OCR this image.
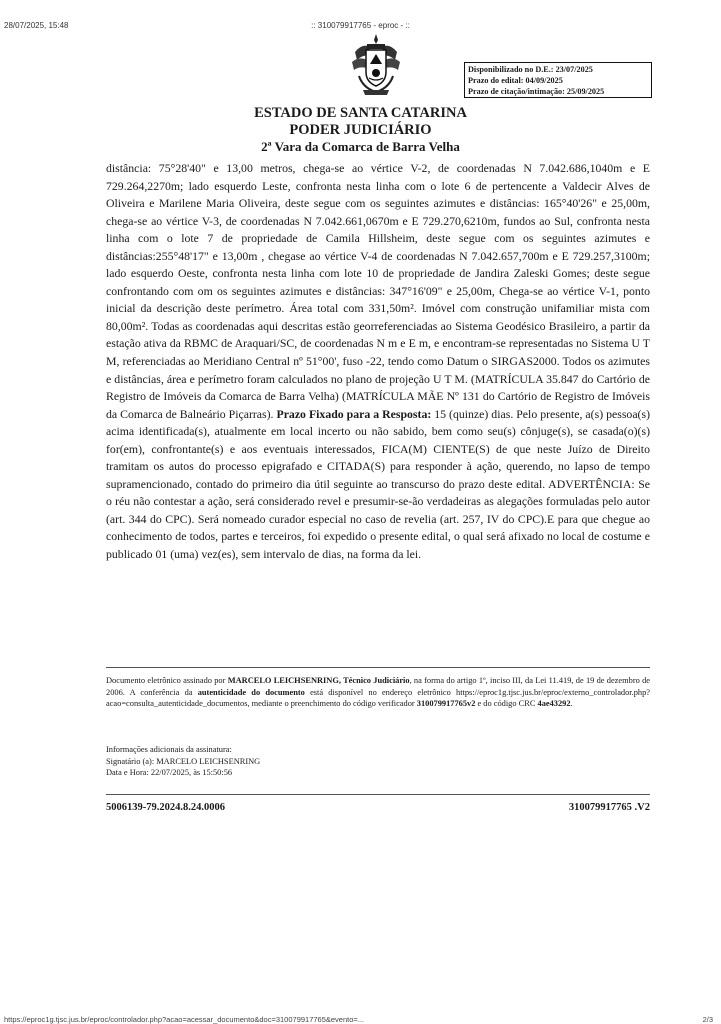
28/07/2025, 15:48	:: 310079917765 - eproc - ::
Disponibilizado no D.E.: 23/07/2025
Prazo do edital: 04/09/2025
Prazo de citação/intimação: 25/09/2025
ESTADO DE SANTA CATARINA
PODER JUDICIÁRIO
2ª Vara da Comarca de Barra Velha

distância: 75°28'40" e 13,00 metros, chega-se ao vértice V-2, de coordenadas N 7.042.686,1040m e E 729.264,2270m; lado esquerdo Leste, confronta nesta linha com o lote 6 de pertencente a Valdecir Alves de Oliveira e Marilene Maria Oliveira, deste segue com os seguintes azimutes e distâncias: 165°40'26" e 25,00m, chega-se ao vértice V-3, de coordenadas N 7.042.661,0670m e E 729.270,6210m, fundos ao Sul, confronta nesta linha com o lote 7 de propriedade de Camila Hillsheim, deste segue com os seguintes azimutes e distâncias:255°48'17" e 13,00m , chegase ao vértice V-4 de coordenadas N 7.042.657,700m e E 729.257,3100m; lado esquerdo Oeste, confronta nesta linha com lote 10 de propriedade de Jandira Zaleski Gomes; deste segue confrontando com om os seguintes azimutes e distâncias: 347°16'09" e 25,00m, Chega-se ao vértice V-1, ponto inicial da descrição deste perímetro. Área total com 331,50m². Imóvel com construção unifamiliar mista com 80,00m². Todas as coordenadas aqui descritas estão georreferenciadas ao Sistema Geodésico Brasileiro, a partir da estação ativa da RBMC de Araquari/SC, de coordenadas N m e E m, e encontram-se representadas no Sistema U T M, referenciadas ao Meridiano Central nº 51°00', fuso -22, tendo como Datum o SIRGAS2000. Todos os azimutes e distâncias, área e perímetro foram calculados no plano de projeção U T M. (MATRÍCULA 35.847 do Cartório de Registro de Imóveis da Comarca de Barra Velha) (MATRÍCULA MÃE Nº 131 do Cartório de Registro de Imóveis da Comarca de Balneário Piçarras). Prazo Fixado para a Resposta: 15 (quinze) dias. Pelo presente, a(s) pessoa(s) acima identificada(s), atualmente em local incerto ou não sabido, bem como seu(s) cônjuge(s), se casada(o)(s) for(em), confrontante(s) e aos eventuais interessados, FICA(M) CIENTE(S) de que neste Juízo de Direito tramitam os autos do processo epigrafado e CITADA(S) para responder à ação, querendo, no lapso de tempo supramencionado, contado do primeiro dia útil seguinte ao transcurso do prazo deste edital. ADVERTÊNCIA: Se o réu não contestar a ação, será considerado revel e presumir-se-ão verdadeiras as alegações formuladas pelo autor (art. 344 do CPC). Será nomeado curador especial no caso de revelia (art. 257, IV do CPC).E para que chegue ao conhecimento de todos, partes e terceiros, foi expedido o presente edital, o qual será afixado no local de costume e publicado 01 (uma) vez(es), sem intervalo de dias, na forma da lei.

Documento eletrônico assinado por MARCELO LEICHSENRING, Técnico Judiciário, na forma do artigo 1º, inciso III, da Lei 11.419, de 19 de dezembro de 2006. A conferência da autenticidade do documento está disponível no endereço eletrônico https://eproc1g.tjsc.jus.br/eproc/externo_controlador.php?acao=consulta_autenticidade_documentos, mediante o preenchimento do código verificador 310079917765v2 e do código CRC 4ae43292.

Informações adicionais da assinatura:
Signatário (a): MARCELO LEICHSENRING
Data e Hora: 22/07/2025, às 15:50:56
5006139-79.2024.8.24.0006	310079917765 .V2
https://eproc1g.tjsc.jus.br/eproc/controlador.php?acao=acessar_documento&doc=310079917765&evento=...	2/3
